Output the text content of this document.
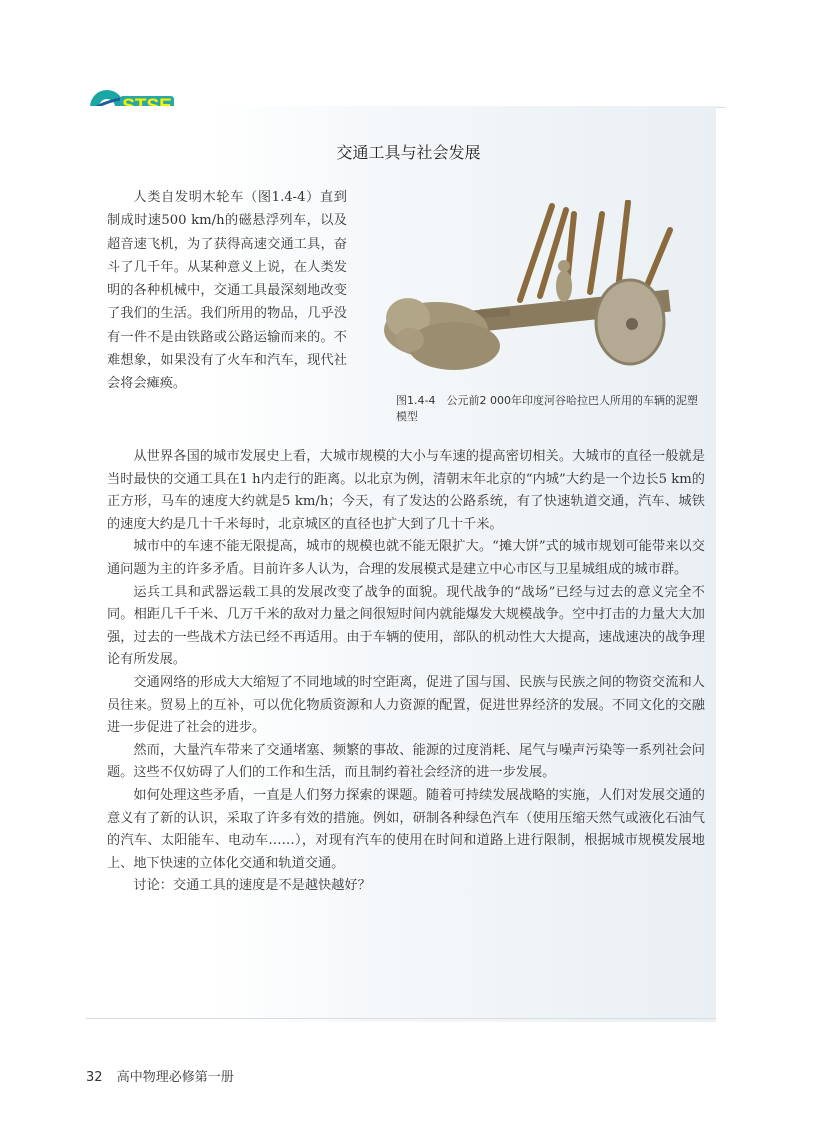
交通工具与社会发展

人类自发明木轮车（图1.4-4）直到制成时速500 km/h的磁悬浮列车，以及超音速飞机，为了获得高速交通工具，奋斗了几千年。从某种意义上说，在人类发明的各种机械中，交通工具最深刻地改变了我们的生活。我们所用的物品，几乎没有一件不是由铁路或公路运输而来的。不难想象，如果没有了火车和汽车，现代社会将会瘫痪。

图1.4-4　公元前2 000年印度河谷哈拉巴人所用的车辆的泥塑模型

从世界各国的城市发展史上看，大城市规模的大小与车速的提高密切相关。大城市的直径一般就是当时最快的交通工具在1 h内走行的距离。以北京为例，清朝末年北京的“内城”大约是一个边长5 km的正方形，马车的速度大约就是5 km/h；今天，有了发达的公路系统，有了快速轨道交通，汽车、城铁的速度大约是几十千米每时，北京城区的直径也扩大到了几十千米。

城市中的车速不能无限提高，城市的规模也就不能无限扩大。“摊大饼”式的城市规划可能带来以交通问题为主的许多矛盾。目前许多人认为，合理的发展模式是建立中心市区与卫星城组成的城市群。

运兵工具和武器运载工具的发展改变了战争的面貌。现代战争的“战场”已经与过去的意义完全不同。相距几千千米、几万千米的敌对力量之间很短时间内就能爆发大规模战争。空中打击的力量大大加强，过去的一些战术方法已经不再适用。由于车辆的使用，部队的机动性大大提高，速战速决的战争理论有所发展。

交通网络的形成大大缩短了不同地域的时空距离，促进了国与国、民族与民族之间的物资交流和人员往来。贸易上的互补，可以优化物质资源和人力资源的配置，促进世界经济的发展。不同文化的交融进一步促进了社会的进步。

然而，大量汽车带来了交通堵塞、频繁的事故、能源的过度消耗、尾气与噪声污染等一系列社会问题。这些不仅妨碍了人们的工作和生活，而且制约着社会经济的进一步发展。

如何处理这些矛盾，一直是人们努力探索的课题。随着可持续发展战略的实施，人们对发展交通的意义有了新的认识，采取了许多有效的措施。例如，研制各种绿色汽车（使用压缩天然气或液化石油气的汽车、太阳能车、电动车……），对现有汽车的使用在时间和道路上进行限制，根据城市规模发展地上、地下快速的立体化交通和轨道交通。

讨论：交通工具的速度是不是越快越好？

32 高中物理必修第一册
